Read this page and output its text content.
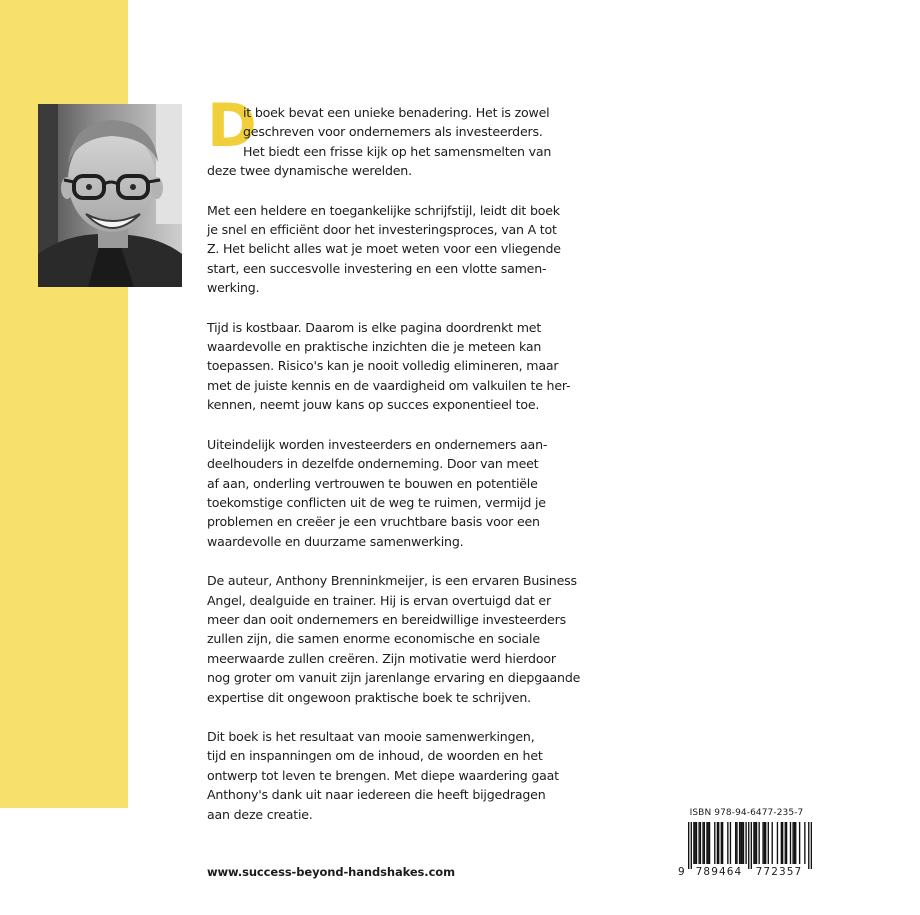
D
it boek bevat een unieke benadering. Het is zowel
geschreven voor ondernemers als investeerders.
Het biedt een frisse kijk op het samensmelten van

deze twee dynamische werelden.

Met een heldere en toegankelijke schrijfstijl, leidt dit boek
je snel en efficiënt door het investeringsproces, van A tot
Z. Het belicht alles wat je moet weten voor een vliegende
start, een succesvolle investering en een vlotte samen-
werking.

Tijd is kostbaar. Daarom is elke pagina doordrenkt met
waardevolle en praktische inzichten die je meteen kan
toepassen. Risico's kan je nooit volledig elimineren, maar
met de juiste kennis en de vaardigheid om valkuilen te her-
kennen, neemt jouw kans op succes exponentieel toe.

Uiteindelijk worden investeerders en ondernemers aan-
deelhouders in dezelfde onderneming. Door van meet
af aan, onderling vertrouwen te bouwen en potentiële
toekomstige conflicten uit de weg te ruimen, vermijd je
problemen en creëer je een vruchtbare basis voor een
waardevolle en duurzame samenwerking.

De auteur, Anthony Brenninkmeijer, is een ervaren Business
Angel, dealguide en trainer. Hij is ervan overtuigd dat er
meer dan ooit ondernemers en bereidwillige investeerders
zullen zijn, die samen enorme economische en sociale
meerwaarde zullen creëren. Zijn motivatie werd hierdoor
nog groter om vanuit zijn jarenlange ervaring en diepgaande
expertise dit ongewoon praktische boek te schrijven.

Dit boek is het resultaat van mooie samenwerkingen,
tijd en inspanningen om de inhoud, de woorden en het
ontwerp tot leven te brengen. Met diepe waardering gaat
Anthony's dank uit naar iedereen die heeft bijgedragen
aan deze creatie.

www.success-beyond-handshakes.com
ISBN 978-94-6477-235-7
9 789464	772357
